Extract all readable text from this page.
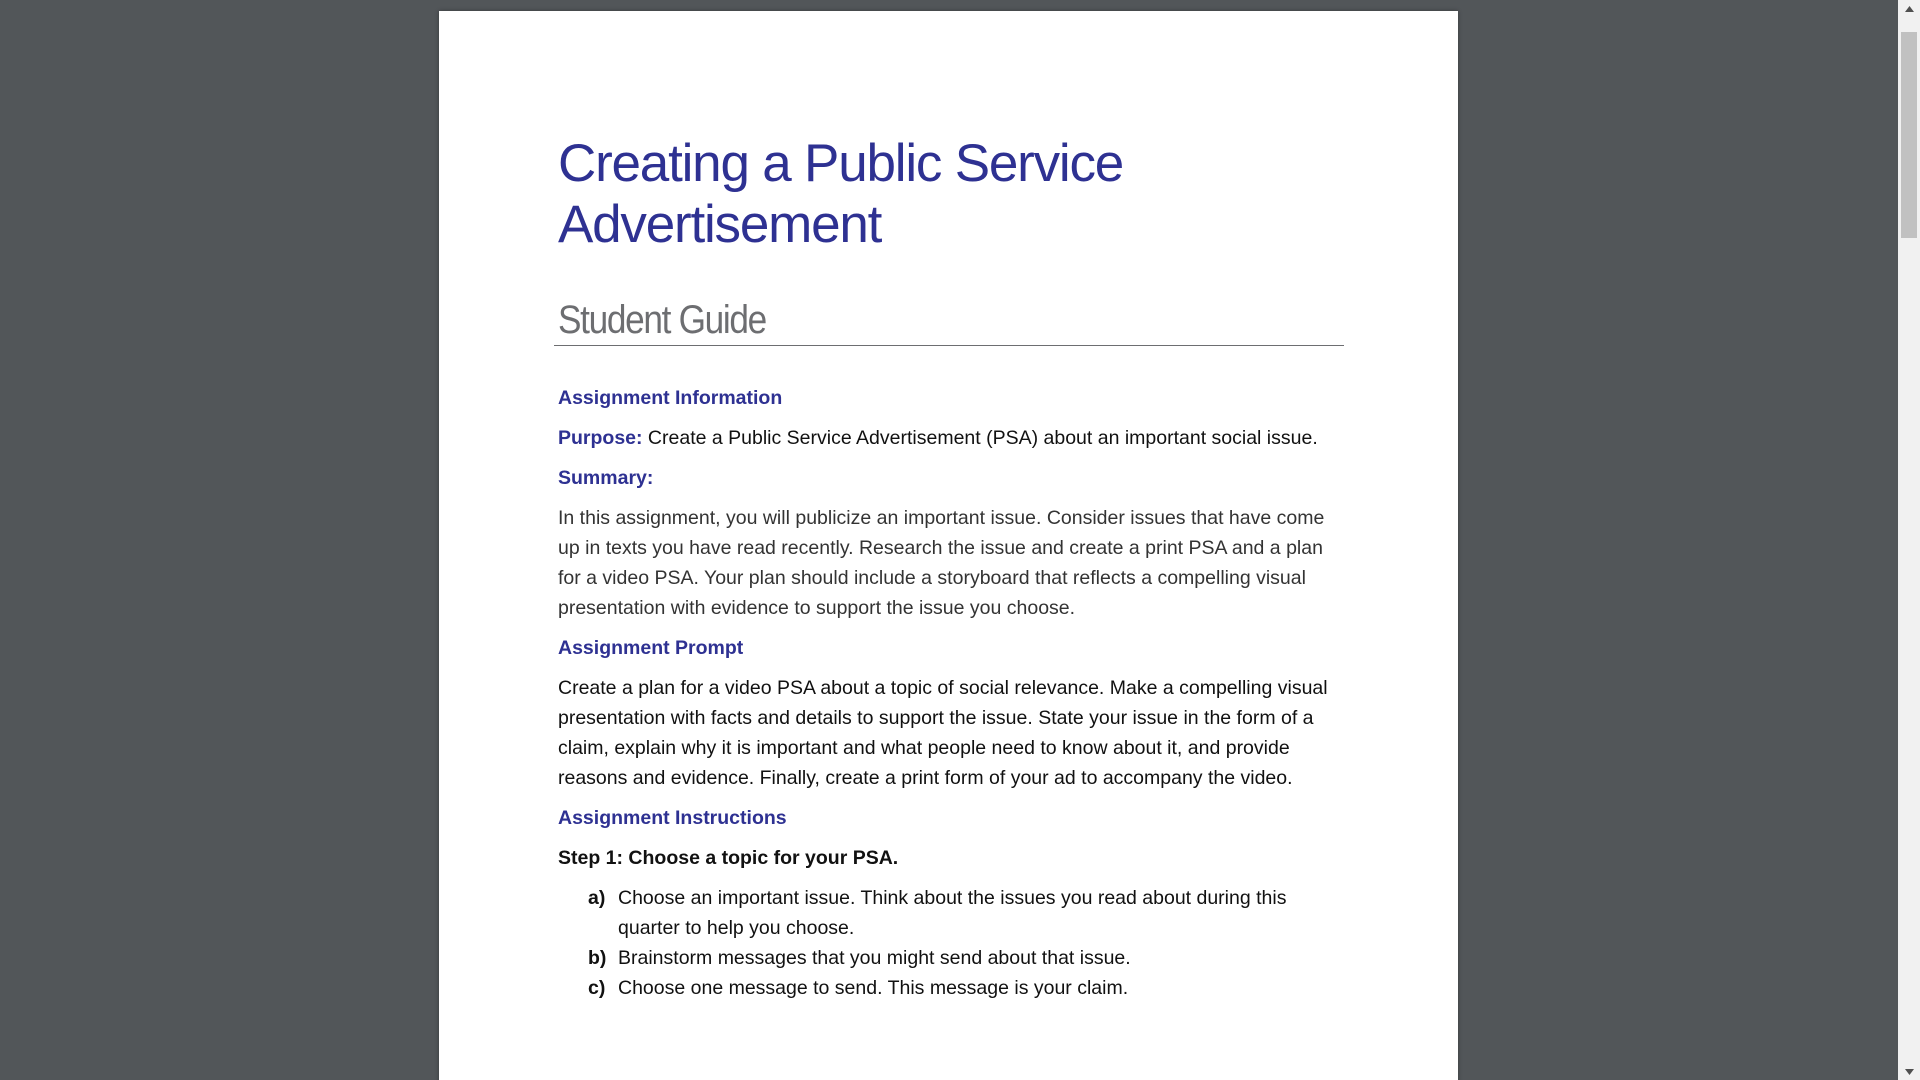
Creating a Public Service
Advertisement
Student Guide
Assignment Information

Purpose: Create a Public Service Advertisement (PSA) about an important social issue.

Summary:

In this assignment, you will publicize an important issue. Consider issues that have come up in texts you have read recently. Research the issue and create a print PSA and a plan for a video PSA. Your plan should include a storyboard that reflects a compelling visual presentation with evidence to support the issue you choose.

Assignment Prompt

Create a plan for a video PSA about a topic of social relevance. Make a compelling visual presentation with facts and details to support the issue. State your issue in the form of a claim, explain why it is important and what people need to know about it, and provide reasons and evidence. Finally, create a print form of your ad to accompany the video.

Assignment Instructions
Step 1: Choose a topic for your PSA.
a) Choose an important issue. Think about the issues you read about during this quarter to help you choose.
b) Brainstorm messages that you might send about that issue.
c) Choose one message to send. This message is your claim.
